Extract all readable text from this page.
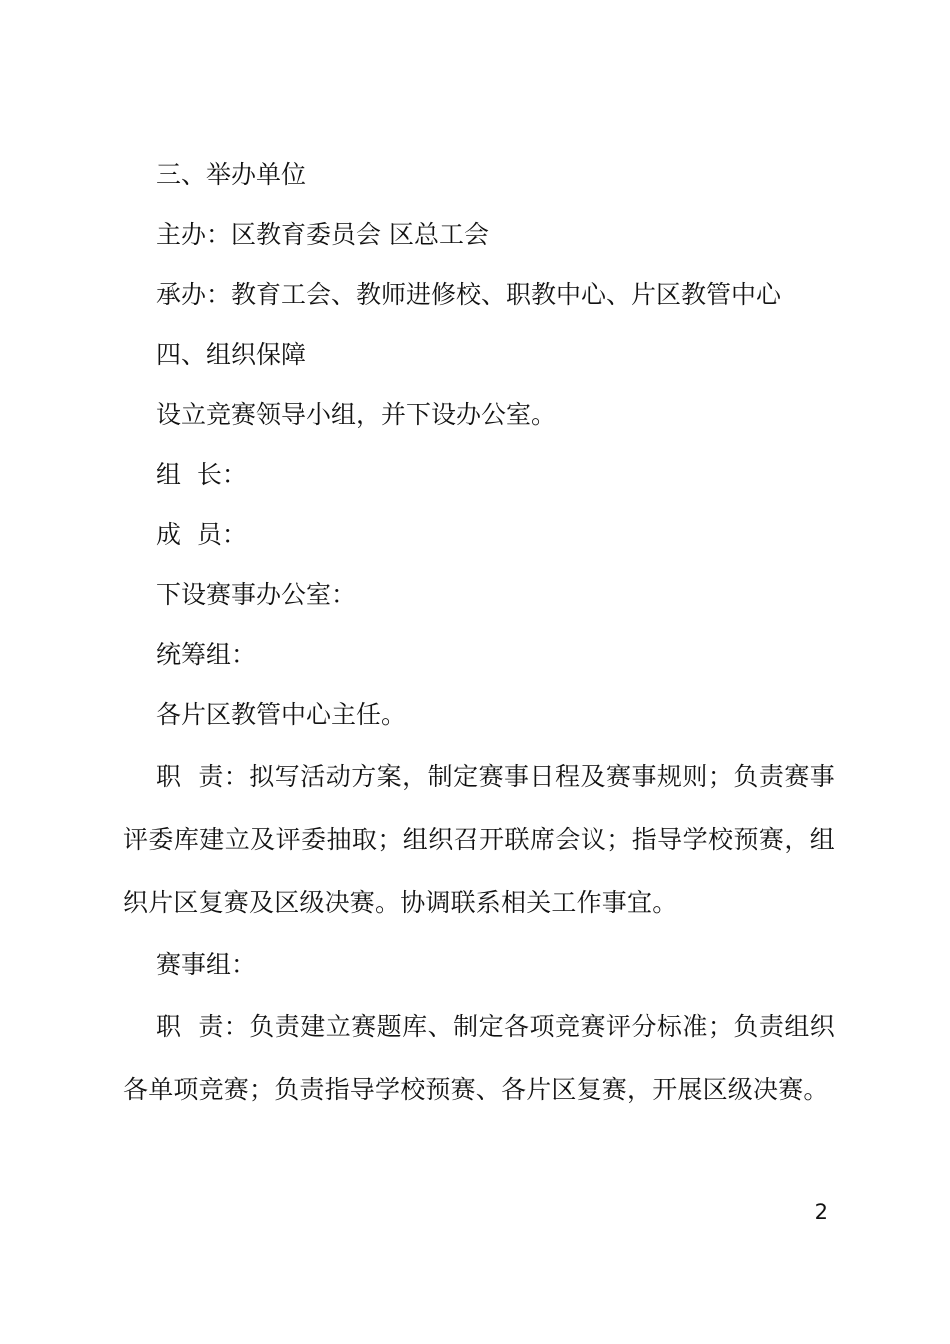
三、举办单位

主办：区教育委员会 区总工会

承办：教育工会、教师进修校、职教中心、片区教管中心

四、组织保障

设立竞赛领导小组，并下设办公室。

组  长：

成  员：

下设赛事办公室：

统筹组：

各片区教管中心主任。

职  责：拟写活动方案，制定赛事日程及赛事规则；负责赛事评委库建立及评委抽取；组织召开联席会议；指导学校预赛，组织片区复赛及区级决赛。协调联系相关工作事宜。

赛事组：

职  责：负责建立赛题库、制定各项竞赛评分标准；负责组织各单项竞赛；负责指导学校预赛、各片区复赛，开展区级决赛。

2
